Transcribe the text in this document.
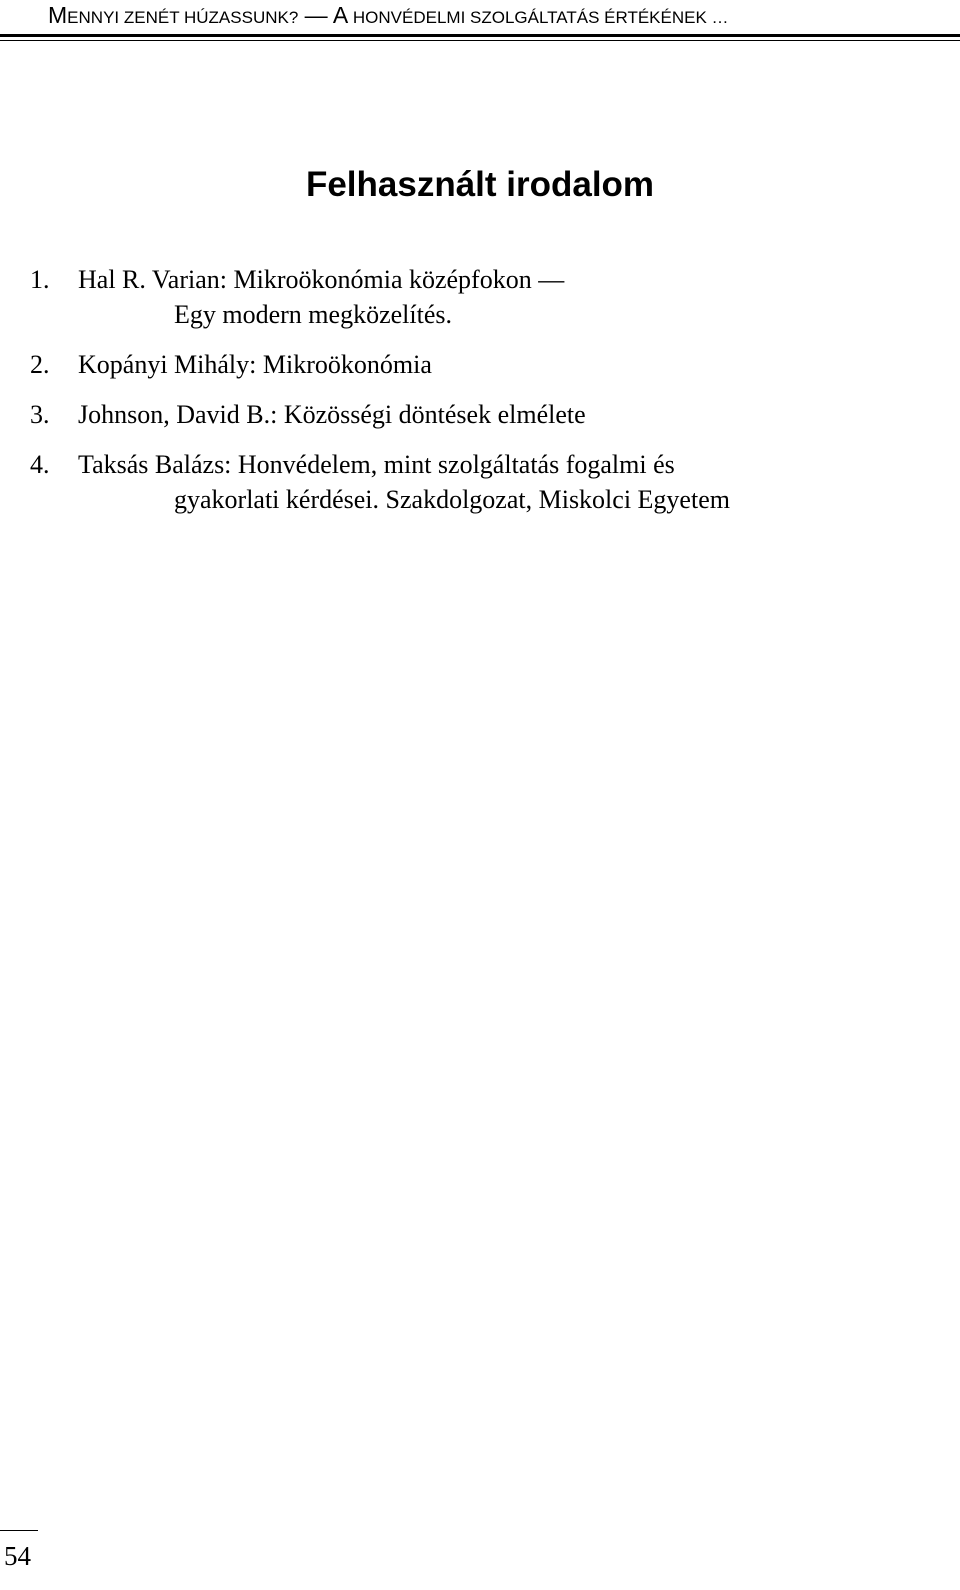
MENNYI ZENÉT HÚZASSUNK? — A HONVÉDELMI SZOLGÁLTATÁS ÉRTÉKÉNEK …
Felhasznált irodalom
1.	Hal R. Varian: Mikroökonómia középfokon —
Egy modern megközelítés.
2.	Kopányi Mihály: Mikroökonómia
3.	Johnson, David B.: Közösségi döntések elmélete
4.	Taksás Balázs: Honvédelem, mint szolgáltatás fogalmi és
gyakorlati kérdései. Szakdolgozat, Miskolci Egyetem
54
